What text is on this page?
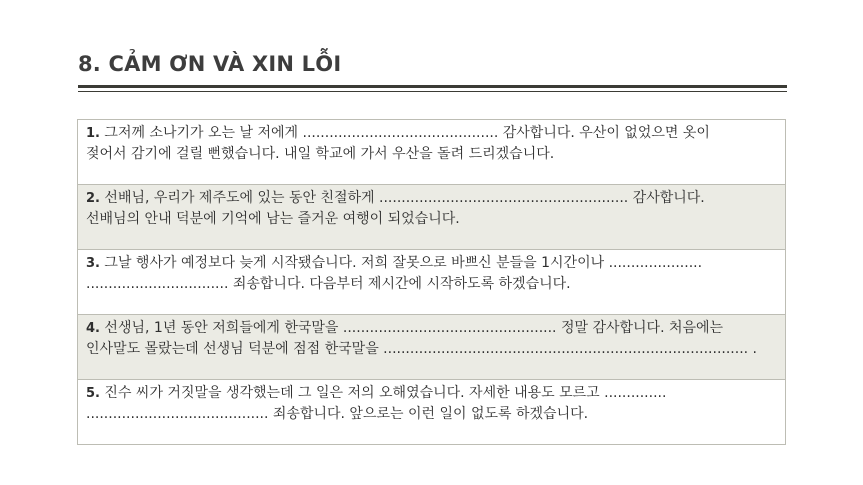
8. CẢM ƠN VÀ XIN LỖI
1. 그저께 소나기가 오는 날 저에게 ............................................ 감사합니다. 우산이 없었으면 옷이
젖어서 감기에 걸릴 뻔했습니다. 내일 학교에 가서 우산을 돌려 드리겠습니다.
2. 선배님, 우리가 제주도에 있는 동안 친절하게 ........................................................ 감사합니다.
선배님의 안내 덕분에 기억에 남는 즐거운 여행이 되었습니다.
3. 그날 행사가 예정보다 늦게 시작됐습니다. 저희 잘못으로 바쁘신 분들을 1시간이나 .....................
................................ 죄송합니다. 다음부터 제시간에 시작하도록 하겠습니다.
4. 선생님, 1년 동안 저희들에게 한국말을 ................................................ 정말 감사합니다. 처음에는
인사말도 몰랐는데 선생님 덕분에 점점 한국말을 .................................................................................. .
5. 진수 씨가 거짓말을 생각했는데 그 일은 저의 오해였습니다. 자세한 내용도 모르고 ..............
......................................... 죄송합니다. 앞으로는 이런 일이 없도록 하겠습니다.
